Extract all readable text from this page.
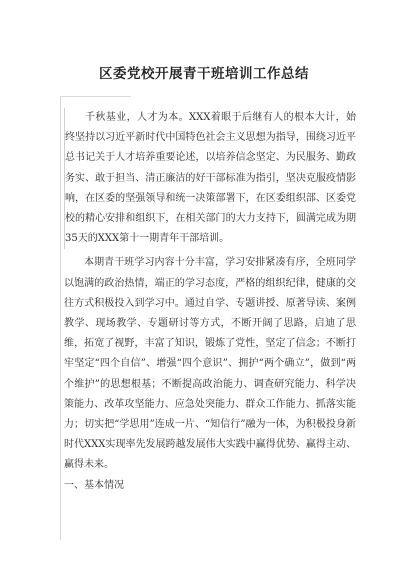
区委党校开展青干班培训工作总结

千秋基业，人才为本。XXX着眼于后继有人的根本大计，始终坚持以习近平新时代中国特色社会主义思想为指导，围绕习近平总书记关于人才培养重要论述，以培养信念坚定、为民服务、勤政务实、敢于担当、清正廉洁的好干部标准为指引，坚决克服疫情影响，在区委的坚强领导和统一决策部署下，在区委组织部、区委党校的精心安排和组织下，在相关部门的大力支持下，圆满完成为期35天的XXX第十一期青年干部培训。

本期青干班学习内容十分丰富，学习安排紧凑有序，全班同学以饱满的政治热情，端正的学习态度，严格的组织纪律，健康的交往方式积极投入到学习中。通过自学、专题讲授、原著导读、案例教学、现场教学、专题研讨等方式，不断开阔了思路，启迪了思维，拓宽了视野，丰富了知识，锻炼了党性，坚定了信念；不断打牢坚定“四个自信”、增强“四个意识”、拥护“两个确立”，做到“两个维护”的思想根基；不断提高政治能力、调查研究能力、科学决策能力、改革攻坚能力、应急处突能力、群众工作能力、抓落实能力；切实把“学思用”连成一片、“知信行”融为一体，为积极投身新时代XXX实现率先发展跨越发展伟大实践中赢得优势、赢得主动、赢得未来。

一、基本情况
